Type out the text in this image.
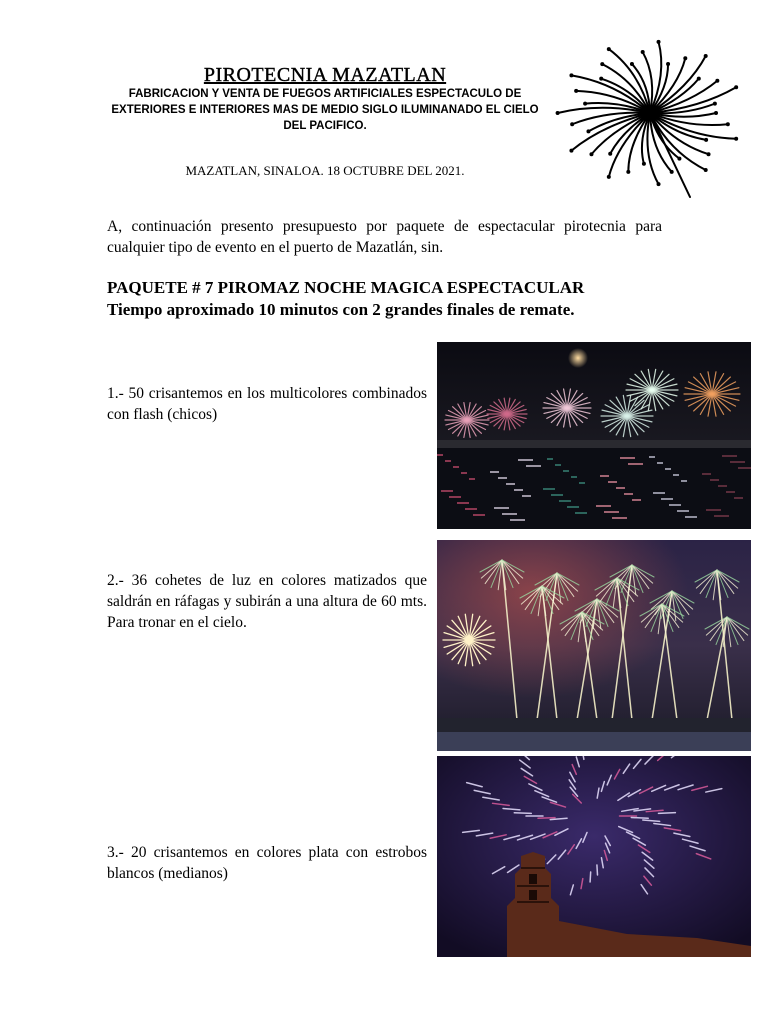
PIROTECNIA MAZATLAN
FABRICACION Y VENTA DE FUEGOS ARTIFICIALES ESPECTACULO DE EXTERIORES E INTERIORES MAS DE MEDIO SIGLO ILUMINANADO EL CIELO DEL PACIFICO.
MAZATLAN, SINALOA. 18 OCTUBRE DEL 2021.
A, continuación presento presupuesto por paquete de espectacular pirotecnia para cualquier tipo de evento en el puerto de Mazatlán, sin.
PAQUETE # 7 PIROMAZ NOCHE MAGICA ESPECTACULAR
Tiempo aproximado 10 minutos con 2 grandes finales de remate.
1.- 50 crisantemos en los multicolores combinados con flash (chicos)
2.- 36 cohetes de luz en colores matizados que saldrán en ráfagas y subirán a una altura de 60 mts. Para tronar en el cielo.
3.- 20 crisantemos en colores plata con estrobos blancos (medianos)
